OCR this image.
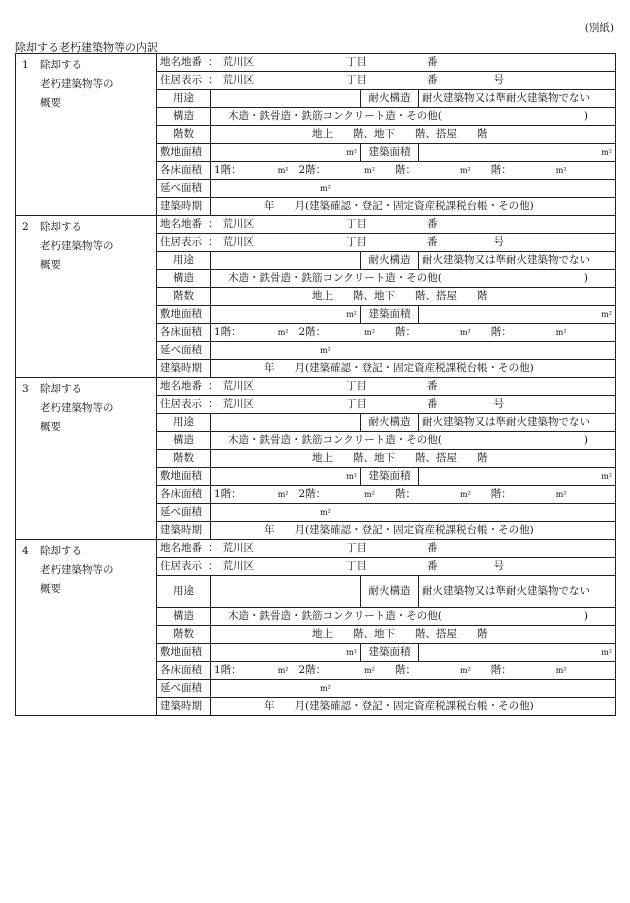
(別紙)
除却する老朽建築物等の内訳
1 除却する
老朽建築物等の
概要	地名地番 ： 荒川区 丁目 番			
	住居表示 ： 荒川区 丁目 番 号			
	用途		耐火構造	耐火建築物又は準耐火建築物でない
	構造	木造・鉄骨造・鉄筋コンクリート造・その他( )		

	階数	地上 階、地下 階、搭屋 階		
	敷地面積	m²	建築面積	m²
	各床面積	1階： m² 2階： m² 階： m² 階： m²		
	延べ面積	m²		
	建築時期	年 月(建築確認・登記・固定資産税課税台帳・その他)		
2 除却する
老朽建築物等の
概要	地名地番 ： 荒川区 丁目 番			
	住居表示 ： 荒川区 丁目 番 号			
	用途		耐火構造	耐火建築物又は準耐火建築物でない
	構造	木造・鉄骨造・鉄筋コンクリート造・その他( )		

	階数	地上 階、地下 階、搭屋 階		
	敷地面積	m²	建築面積	m²
	各床面積	1階： m² 2階： m² 階： m² 階： m²		
	延べ面積	m²		
	建築時期	年 月(建築確認・登記・固定資産税課税台帳・その他)		
3 除却する
老朽建築物等の
概要	地名地番 ： 荒川区 丁目 番			
	住居表示 ： 荒川区 丁目 番 号			
	用途		耐火構造	耐火建築物又は準耐火建築物でない
	構造	木造・鉄骨造・鉄筋コンクリート造・その他( )		

	階数	地上 階、地下 階、搭屋 階		
	敷地面積	m²	建築面積	m²
	各床面積	1階： m² 2階： m² 階： m² 階： m²		
	延べ面積	m²		
	建築時期	年 月(建築確認・登記・固定資産税課税台帳・その他)		
4 除却する
老朽建築物等の
概要	地名地番 ： 荒川区 丁目 番			
	住居表示 ： 荒川区 丁目 番 号			
	用途		耐火構造	耐火建築物又は準耐火建築物でない
	構造	木造・鉄骨造・鉄筋コンクリート造・その他( )		

	階数	地上 階、地下 階、搭屋 階		
	敷地面積	m²	建築面積	m²
	各床面積	1階： m² 2階： m² 階： m² 階： m²		
	延べ面積	m²		
	建築時期	年 月(建築確認・登記・固定資産税課税台帳・その他)		
